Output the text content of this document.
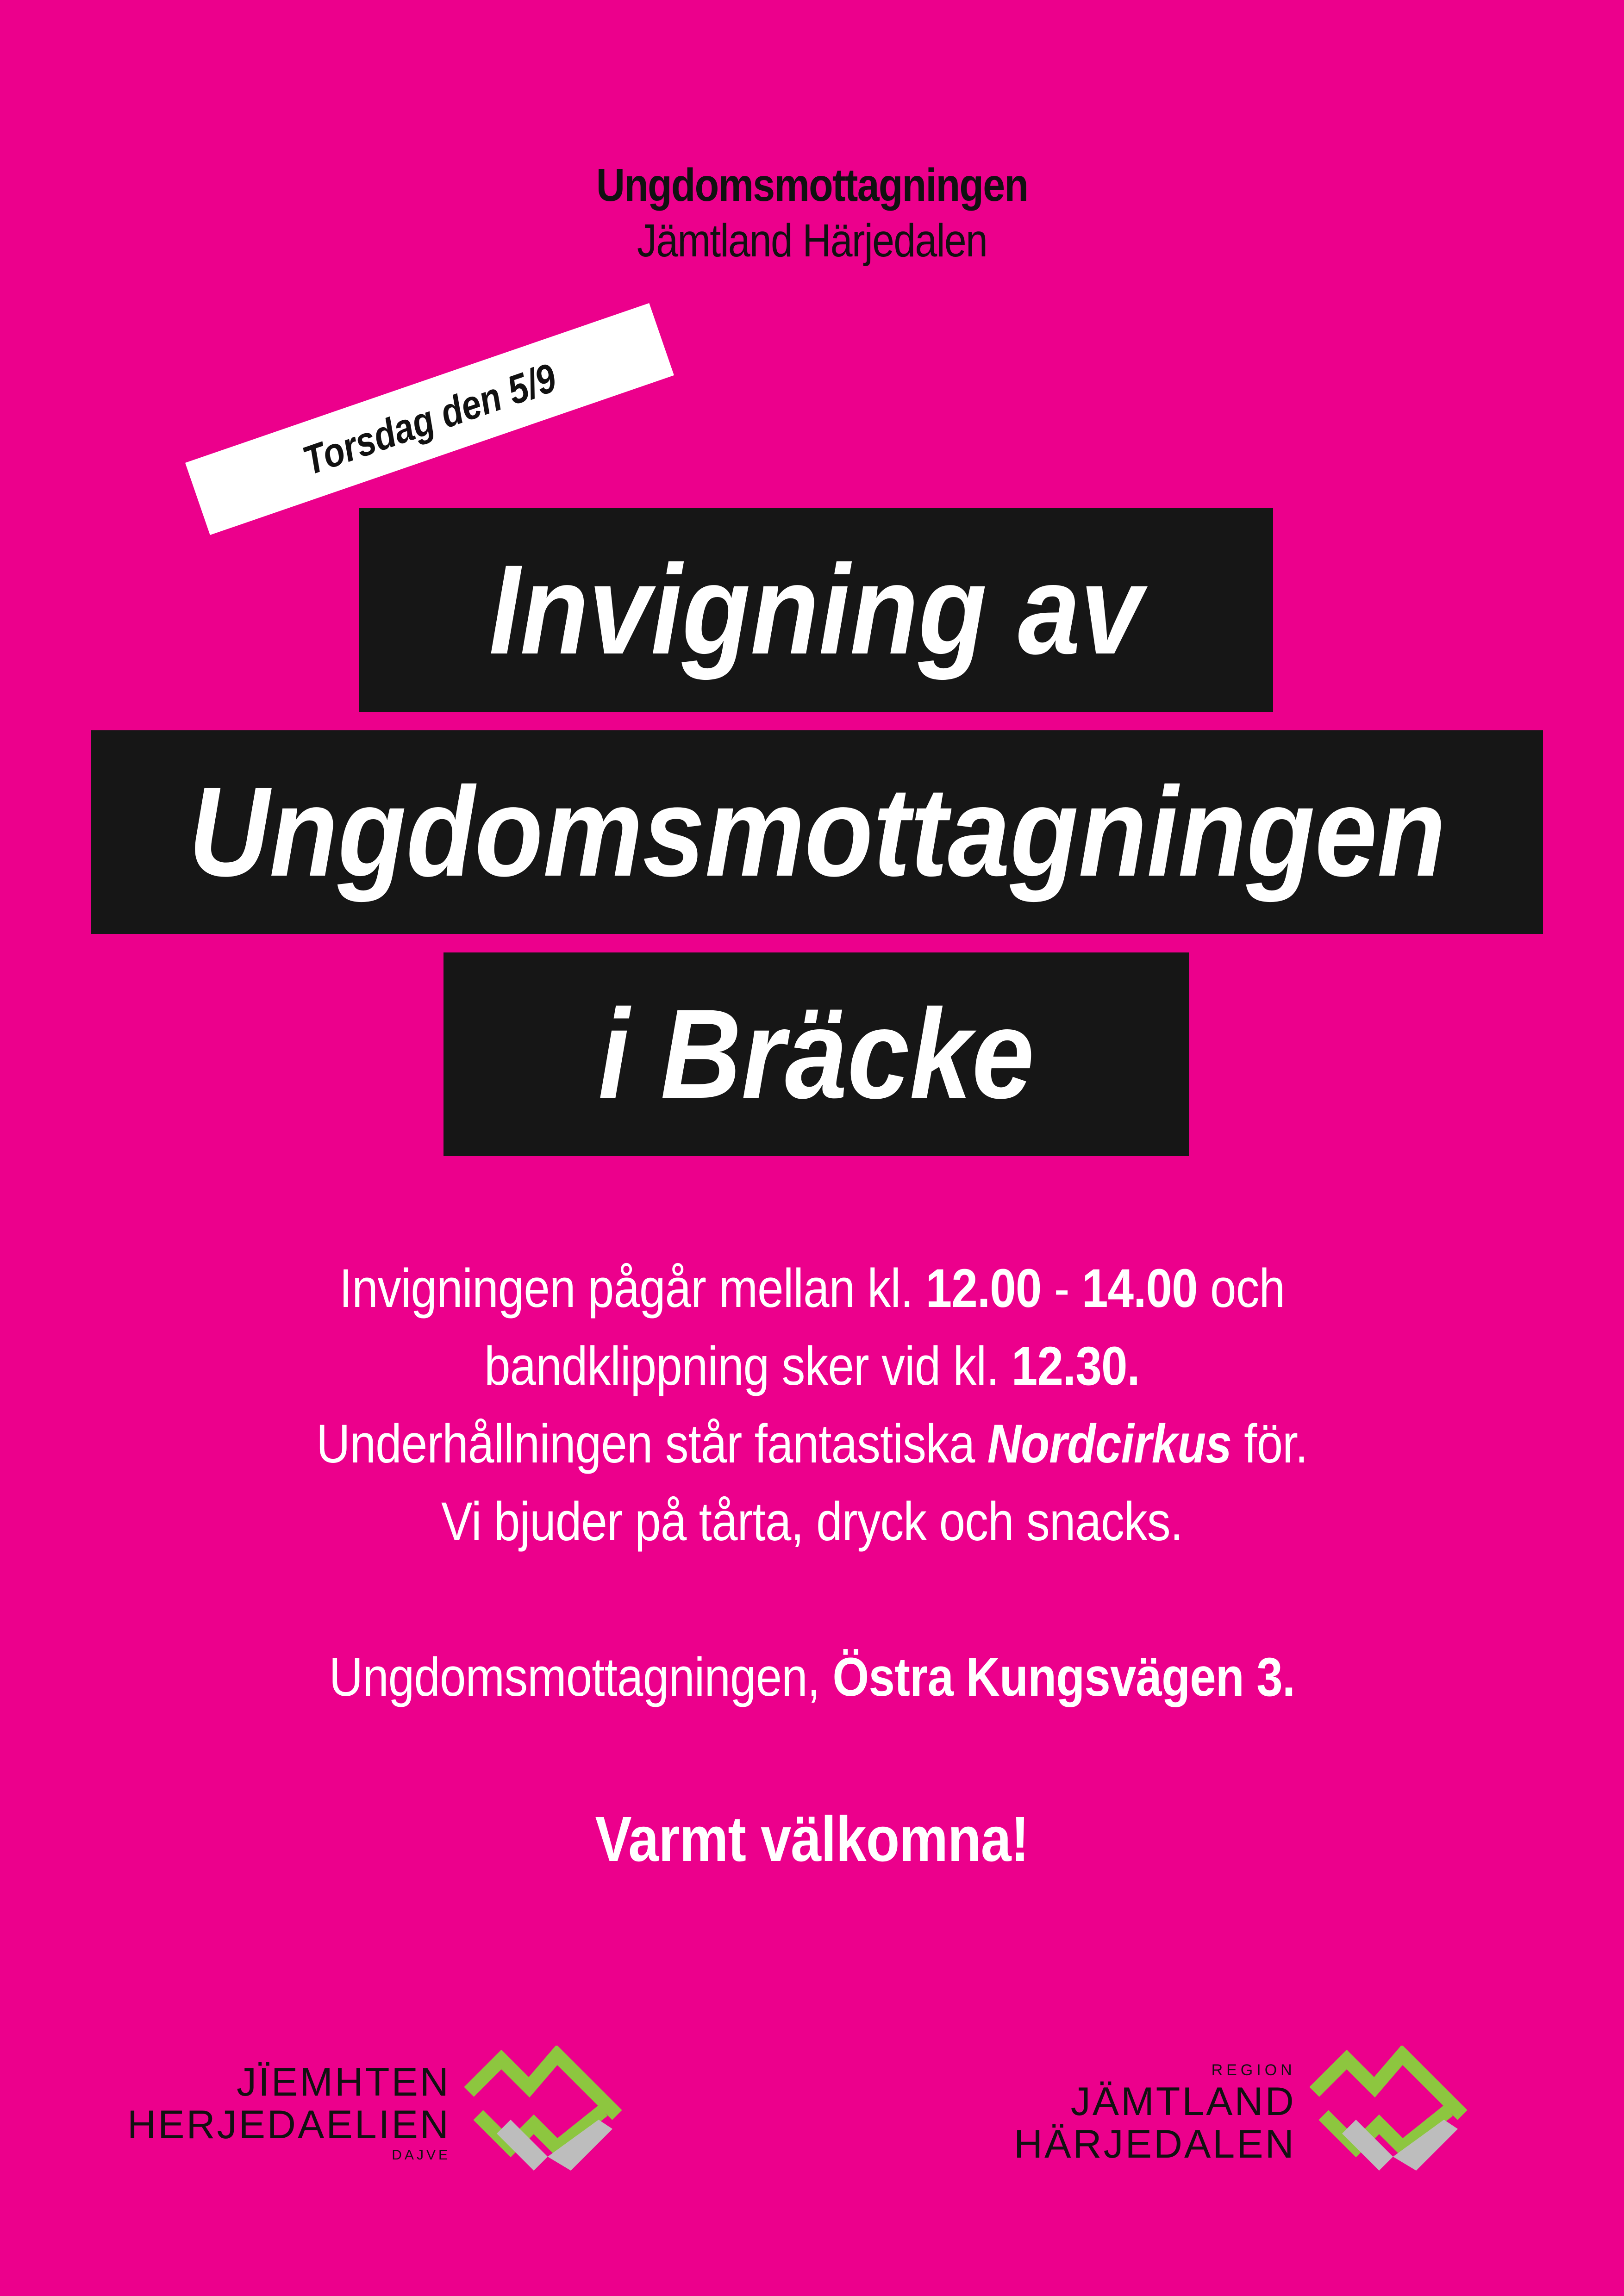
Ungdomsmottagningen
Jämtland Härjedalen
Torsdag den 5/9
Invigning av
Ungdomsmottagningen
i Bräcke
Invigningen pågår mellan kl. 12.00 - 14.00 och
bandklippning sker vid kl. 12.30.
Underhållningen står fantastiska Nordcirkus för.
Vi bjuder på tårta, dryck och snacks.
Ungdomsmottagningen, Östra Kungsvägen 3.
Varmt välkomna!
JÏEMHTEN
HERJEDAELIEN
DAJVE
REGION
JÄMTLAND
HÄRJEDALEN
